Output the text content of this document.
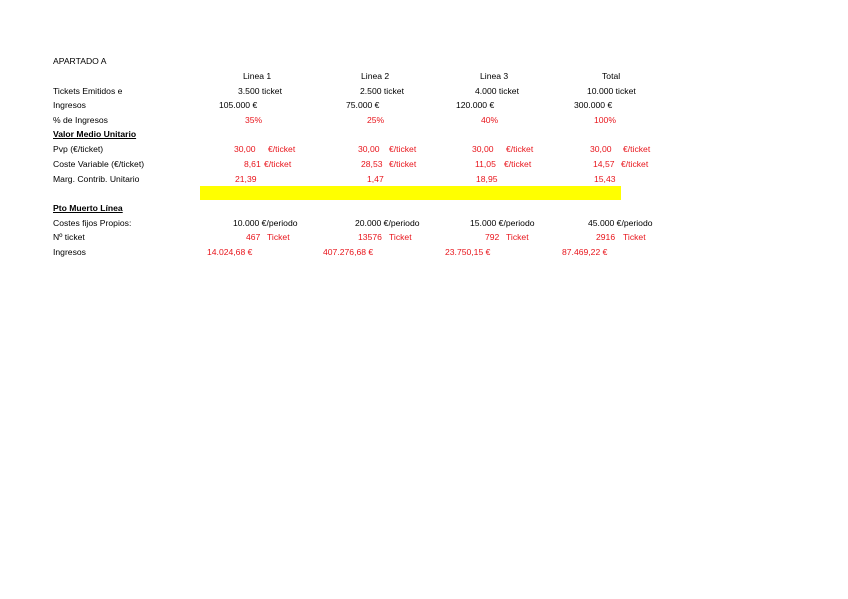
APARTADO A
Linea 1	Linea 2	Linea 3	Total
Tickets Emitidos e	3.500 ticket	2.500 ticket	4.000 ticket	10.000 ticket
Ingresos	105.000 €	75.000 €	120.000 €	300.000 €
% de Ingresos	35%	25%	40%	100%
Valor Medio Unitario
Pvp (€/ticket)	30,00 €/ticket	30,00 €/ticket	30,00 €/ticket	30,00 €/ticket
Coste Variable (€/ticket)	8,61 €/ticket	28,53 €/ticket	11,05 €/ticket	14,57 €/ticket
Marg. Contrib. Unitario	21,39	1,47	18,95	15,43
Pto Muerto Línea
Costes fijos Propios:	10.000 €/periodo	20.000 €/periodo	15.000 €/periodo	45.000 €/periodo
Nº ticket	467 Ticket	13576 Ticket	792 Ticket	2916 Ticket
Ingresos	14.024,68 €	407.276,68 €	23.750,15 €	87.469,22 €
